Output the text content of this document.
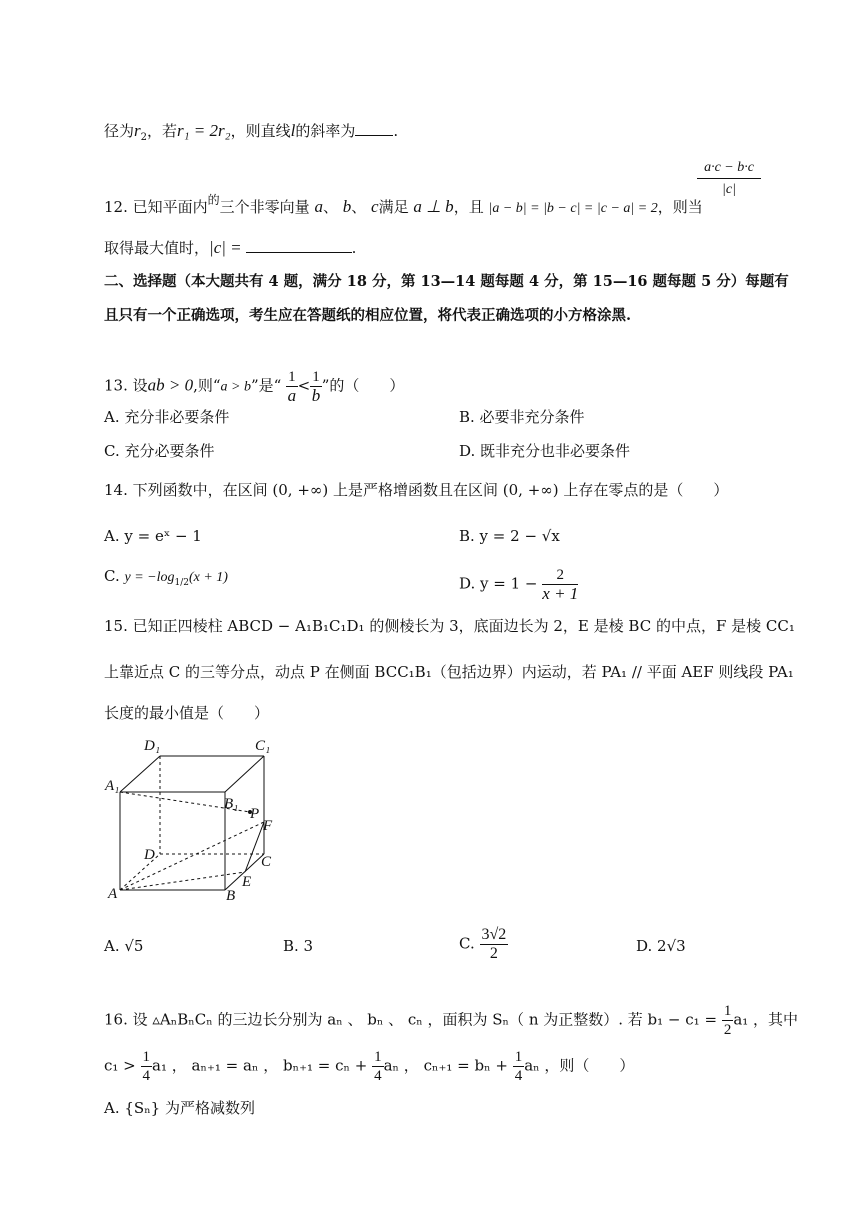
径为$r_2$，若r₁ = 2r₂，则直线l的斜率为	.
12. 已知平面内$^的$三个非零向量 a、 b、 c满足 a ⊥ b，且 |a − b| = |b − c| = |c − a| = 2，则当
$\frac{a\cdot c - b\cdot c}{|c|}$
取得最大值时，|c| =	.
二、选择题（本大题共有 4 题，满分 18 分，第 13—14 题每题 4 分，第 15—16 题每题 5 分）每题有
且只有一个正确选项，考生应在答题纸的相应位置，将代表正确选项的小方格涂黑.
13. 设ab > 0,则“a > b”是“ $\frac{1}{a} < \frac{1}{b}$ ”的（　　）
A. 充分非必要条件	B. 必要非充分条件
C. 充分必要条件	D. 既非充分也非必要条件
14. 下列函数中，在区间 (0, +∞) 上是严格增函数且在区间 (0, +∞) 上存在零点的是（　　）
A. y = eˣ − 1	B. y = 2 − √x
C. $y = -\log_{1/2}(x + 1)$	D. $y = 1 - \frac{2}{x + 1}$
15. 已知正四棱柱 ABCD − A₁B₁C₁D₁ 的侧棱长为 3，底面边长为 2，E 是棱 BC 的中点，F 是棱 CC₁
上靠近点 C 的三等分点，动点 P 在侧面 BCC₁B₁（包括边界）内运动，若 PA₁ // 平面 AEF 则线段 PA₁
长度的最小值是（　　）
D₁	C₁
A₁
B₁
P
F
D	C
E
A	B
A. √5	B. 3	C. $\frac{3√2}{2}$	D. 2√3
16. 设 ▵AₙBₙCₙ 的三边长分别为 aₙ 、 bₙ 、 cₙ ，面积为 Sₙ（ n 为正整数）. 若 $b_1 - c_1 = \frac{1}{2} a_1$ ，其中
$c_1 > \frac{1}{4} a_1$ ， aₙ₊₁ = aₙ ， $b_{n+1} = c_n + \frac{1}{4}$ aₙ ， $c_{n+1} = b_n + \frac{1}{4}$ aₙ ，则（　　）
A. {Sₙ} 为严格减数列
